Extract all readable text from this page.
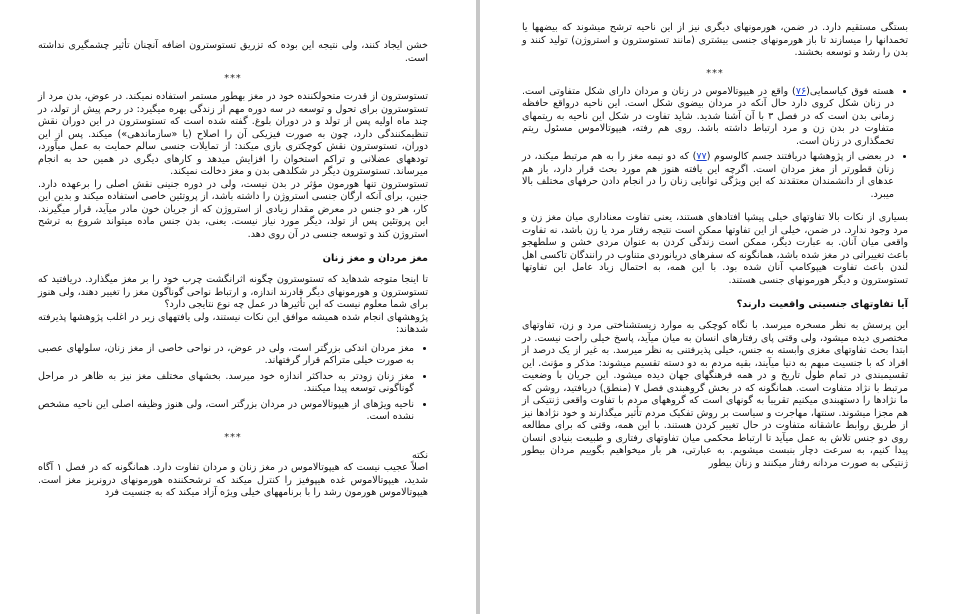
خشن ایجاد کنند، ولی نتیجه این بوده که تزریق تستوسترون اضافه آنچنان تأثیر چشمگیری نداشته است.

***

تستوسترون از قدرت متحولکننده خود در مغز بهطور مستمر استفاده نمیکند. در عوض، بدن مرد از تستوسترون برای تحول و توسعه در سه دوره مهم از زندگی بهره میگیرد: در رحم پیش از تولد، در چند ماه اولیه پس از تولد و در دوران بلوغ. گفته شده است که تستوسترون در این دوران نقش تنظیمکنندگی دارد، چون به صورت فیزیکی آن را اصلاح (یا «سازماندهی») میکند. پس از این دوران، تستوسترون نقش کوچکتری بازی میکند: از تمایلات جنسی سالم حمایت به عمل میآورد، تودههای عضلانی و تراکم استخوان را افزایش میدهد و کارهای دیگری در همین حد به انجام میرساند. تستوسترون دیگر در شکلدهی بدن و مغز دخالت نمیکند.

تستوسترون تنها هورمون مؤثر در بدن نیست، ولی در دوره جنینی نقش اصلی را برعهده دارد. جنین، برای آنکه ارگان جنسی استروژن را داشته باشد، از پروتئین خاصی استفاده میکند و بدین این کار، هر دو جنس در معرض مقدار زیادی از استروژن که از جریان خون مادر میآید، قرار میگیرند. این پروتئین پس از تولد، دیگر مورد نیاز نیست. یعنی، بدن جنس ماده میتواند شروع به ترشح استروژن کند و توسعه جنسی در آن روی دهد.

مغز مردان و مغز زنان

تا اینجا متوجه شدهاید که تستوسترون چگونه اثرانگشت چرب خود را بر مغز میگذارد. دریافتید که تستوسترون و هورمونهای دیگر قادرند اندازه، و ارتباط نواحی گوناگون مغز را تغییر دهند، ولی هنوز برای شما معلوم نیست که این تأثیرها در عمل چه نوع نتایجی دارد؟

پژوهشهای انجام شده همیشه موافق این نکات نیستند، ولی یافتههای زیر در اغلب پژوهشها پذیرفته شدهاند:

• مغز مردان اندکی بزرگتر است، ولی در عوض، در نواحی خاصی از مغز زنان، سلولهای عصبی به صورت خیلی متراکم قرار گرفتهاند.
• مغز زنان زودتر به حداکثر اندازه خود میرسد. بخشهای مختلف مغز نیز به ظاهر در مراحل گوناگونی توسعه پیدا میکنند.
• ناحیه ویژهای از هیپوتالاموس در مردان بزرگتر است، ولی هنوز وظیفه اصلی این ناحیه مشخص نشده است.
***

نکته

اصلاً عجیب نیست که هیپوتالاموس در مغز زنان و مردان تفاوت دارد. همانگونه که در فصل ۱ آگاه شدید، هیپوتالاموس غده هیپوفیز را کنترل میکند که ترشحکننده هورمونهای درونریز مغز است. هیپوتالاموس هورمون رشد را با برنامههای خیلی ویژه آزاد میکند که به جنسیت فرد

بستگی مستقیم دارد. در ضمن، هورمونهای دیگری نیز از این ناحیه ترشح میشوند که بیضهها یا تخمدانها را میسازند تا باز هورمونهای جنسی بیشتری (مانند تستوسترون و استروژن) تولید کنند و بدن را رشد و توسعه بخشند.

***
• هسته فوق کیاسمایی(۷۶) واقع در هیپوتالاموس در زنان و مردان دارای شکل متفاوتی است. در زنان شکل کروی دارد حال آنکه در مردان بیضوی شکل است. این ناحیه درواقع حافظه زمانی بدن است که در فصل ۳ با آن آشنا شدید. شاید تفاوت در شکل این ناحیه به ریتمهای متفاوت در بدن زن و مرد ارتباط داشته باشد. روی هم رفته، هیپوتالاموس مسئول ریتم تخمگذاری در زنان است.
• در بعضی از پژوهشها دریافتند جسم کالوسوم (۷۷) که دو نیمه مغز را به هم مرتبط میکند، در زنان قطورتر از مغز مردان است. اگرچه این یافته هنوز هم مورد بحث قرار دارد، باز هم عدهای از دانشمندان معتقدند که این ویژگی توانایی زنان را در انجام دادن حرفهای مختلف بالا میبرد.

بسیاری از نکات بالا تفاوتهای خیلی پیشپا افتادهای هستند، یعنی تفاوت معناداری میان مغز زن و مرد وجود ندارد. در ضمن، خیلی از این تفاوتها ممکن است نتیجه رفتار مرد یا زن باشد، نه تفاوت واقعی میان آنان. به عبارت دیگر، ممکن است زندگی کردن به عنوان مردی خشن و سلطهجو باعث تغییراتی در مغز شده باشد، همانگونه که سفرهای دریانوردی متناوب در رانندگان تاکسی اهل لندن باعث تفاوت هیپوکامپ آنان شده بود. با این همه، به احتمال زیاد عامل این تفاوتها تستوسترون و دیگر هورمونهای جنسی هستند.

آیا تفاوتهای جنسیتی واقعیت دارند؟

این پرسش به نظر مسخره میرسد. با نگاه کوچکی به موارد زیستشناختی مرد و زن، تفاوتهای مختصری دیده میشود، ولی وقتی پای رفتارهای انسان به میان میآید، پاسخ خیلی راحت نیست. در ابتدا بحث تفاوتهای مغزی وابسته به جنس، خیلی پذیرفتنی به نظر میرسد. به غیر از یک درصد از افراد که با جنسیت مبهم به دنیا میآیند، بقیه مردم به دو دسته تقسیم میشوند: مذکر و مؤنث. این تقسیمبندی در تمام طول تاریخ و در همه فرهنگهای جهان دیده میشود. این جریان با وضعیت مرتبط با نژاد متفاوت است. همانگونه که در بخش گروهبندی فصل ۷ (منطق) دریافتید، روشن که ما نژادها را دستهبندی میکنیم تقریبا به گونهای است که گروههای مردم با تفاوت واقعی ژنتیکی از هم مجزا میشوند. سنتها، مهاجرت و سیاست بر روش تفکیک مردم تأثیر میگذارند و خود نژادها نیز از طریق روابط عاشقانه متفاوت در حال تغییر کردن هستند. با این همه، وقتی که برای مطالعه روی دو جنس تلاش به عمل میآید تا ارتباط محکمی میان تفاوتهای رفتاری و طبیعت بنیادی انسان پیدا کنیم، به سرعت دچار بنبست میشویم. به عبارتی، هر بار میخواهیم بگوییم مردان بیطور ژنتیکی به صورت مردانه رفتار میکنند و زنان بیطور
